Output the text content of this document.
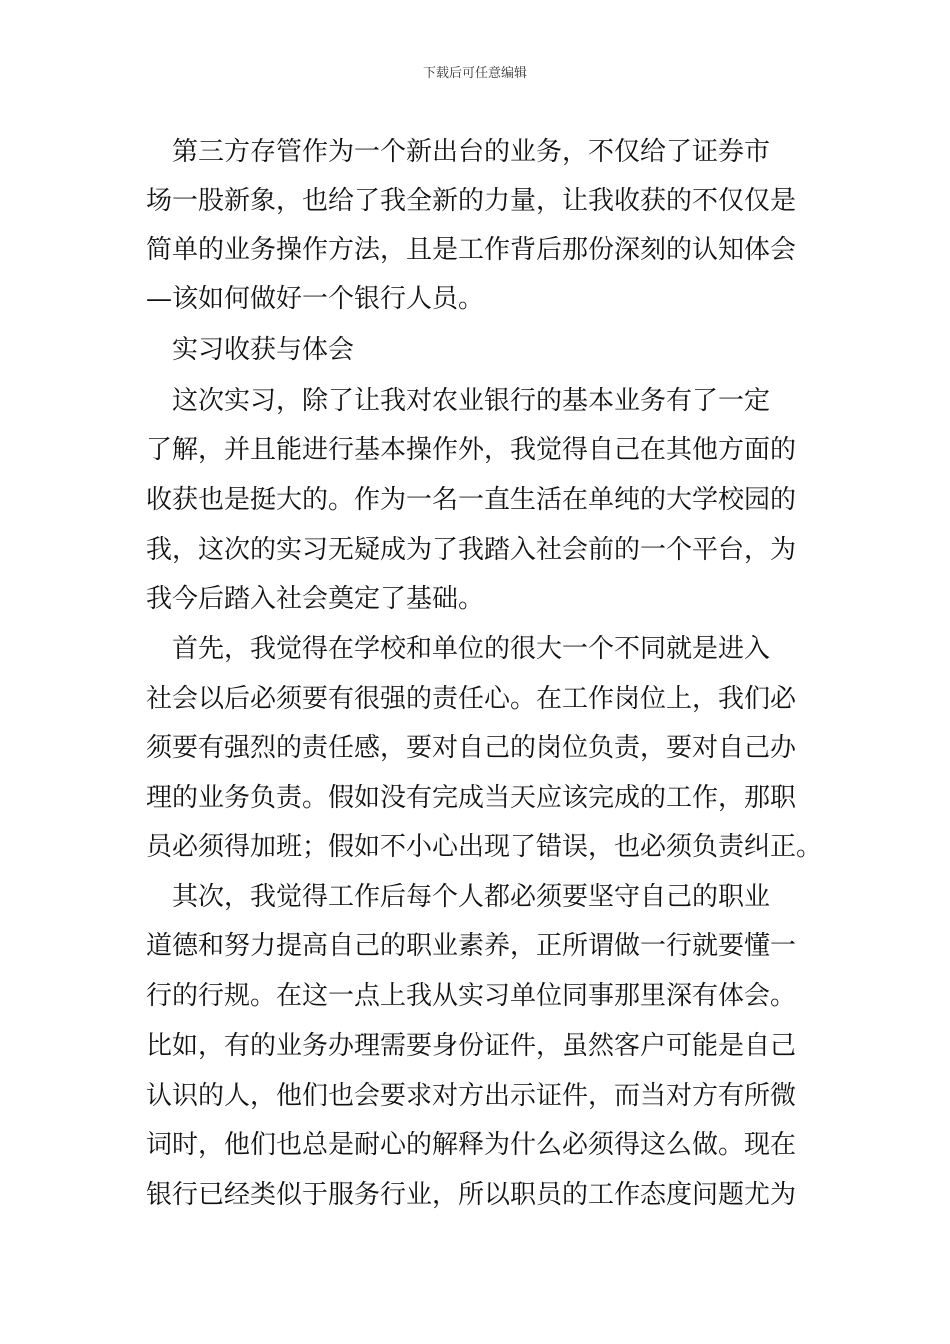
下载后可任意编辑
　第三方存管作为一个新出台的业务，不仅给了证券市
场一股新象，也给了我全新的力量，让我收获的不仅仅是
简单的业务操作方法，且是工作背后那份深刻的认知体会
—该如何做好一个银行人员。
　实习收获与体会
　这次实习，除了让我对农业银行的基本业务有了一定
了解，并且能进行基本操作外，我觉得自己在其他方面的
收获也是挺大的。作为一名一直生活在单纯的大学校园的
我，这次的实习无疑成为了我踏入社会前的一个平台，为
我今后踏入社会奠定了基础。
　首先，我觉得在学校和单位的很大一个不同就是进入
社会以后必须要有很强的责任心。在工作岗位上，我们必
须要有强烈的责任感，要对自己的岗位负责，要对自己办
理的业务负责。假如没有完成当天应该完成的工作，那职
员必须得加班；假如不小心出现了错误，也必须负责纠正。
　其次，我觉得工作后每个人都必须要坚守自己的职业
道德和努力提高自己的职业素养，正所谓做一行就要懂一
行的行规。在这一点上我从实习单位同事那里深有体会。
比如，有的业务办理需要身份证件，虽然客户可能是自己
认识的人，他们也会要求对方出示证件，而当对方有所微
词时，他们也总是耐心的解释为什么必须得这么做。现在
银行已经类似于服务行业，所以职员的工作态度问题尤为
